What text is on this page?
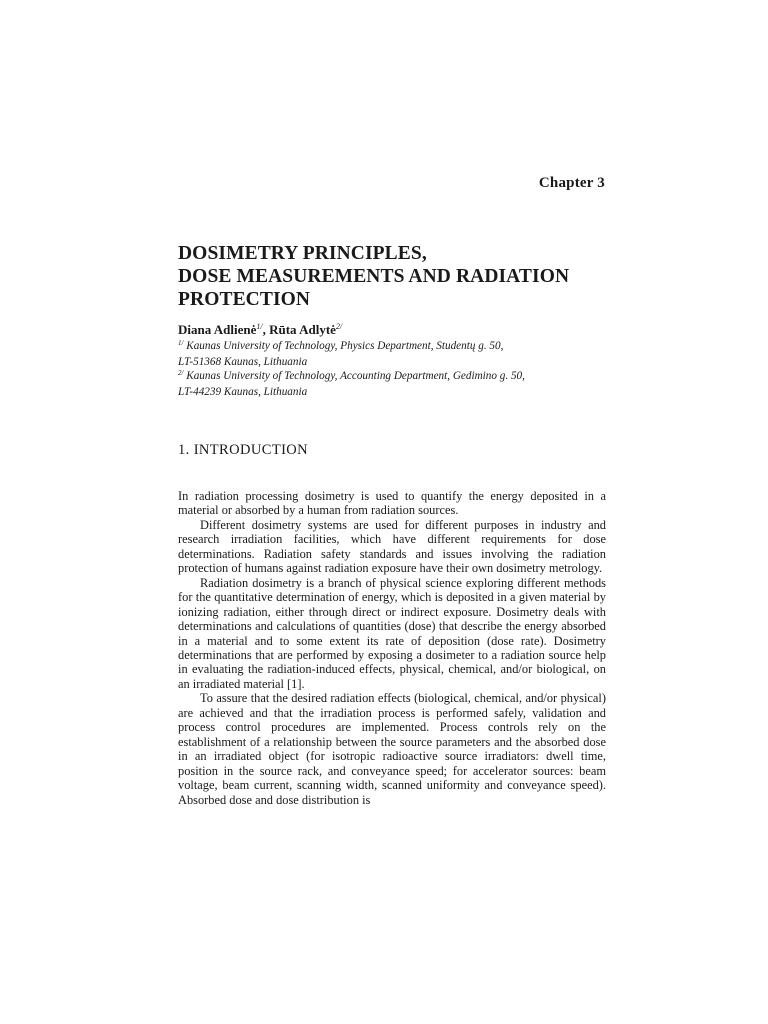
Chapter 3
DOSIMETRY PRINCIPLES,
DOSE MEASUREMENTS AND RADIATION
PROTECTION
Diana Adlienė$^{1/}$, Rūta Adlytė$^{2/}$
$^{1/}$ Kaunas University of Technology, Physics Department, Studentų g. 50,
LT-51368 Kaunas, Lithuania
$^{2/}$ Kaunas University of Technology, Accounting Department, Gedimino g. 50,
LT-44239 Kaunas, Lithuania
1. INTRODUCTION

In radiation processing dosimetry is used to quantify the energy deposited in a material or absorbed by a human from radiation sources.

Different dosimetry systems are used for different purposes in industry and research irradiation facilities, which have different requirements for dose determinations. Radiation safety standards and issues involving the radiation protection of humans against radiation exposure have their own dosimetry metrology.

Radiation dosimetry is a branch of physical science exploring different methods for the quantitative determination of energy, which is deposited in a given material by ionizing radiation, either through direct or indirect exposure. Dosimetry deals with determinations and calculations of quantities (dose) that describe the energy absorbed in a material and to some extent its rate of deposition (dose rate). Dosimetry determinations that are performed by exposing a dosimeter to a radiation source help in evaluating the radiation-induced effects, physical, chemical, and/or biological, on an irradiated material [1].

To assure that the desired radiation effects (biological, chemical, and/or physical) are achieved and that the irradiation process is performed safely, validation and process control procedures are implemented. Process controls rely on the establishment of a relationship between the source parameters and the absorbed dose in an irradiated object (for isotropic radioactive source irradiators: dwell time, position in the source rack, and conveyance speed; for accelerator sources: beam voltage, beam current, scanning width, scanned uniformity and conveyance speed). Absorbed dose and dose distribution is
